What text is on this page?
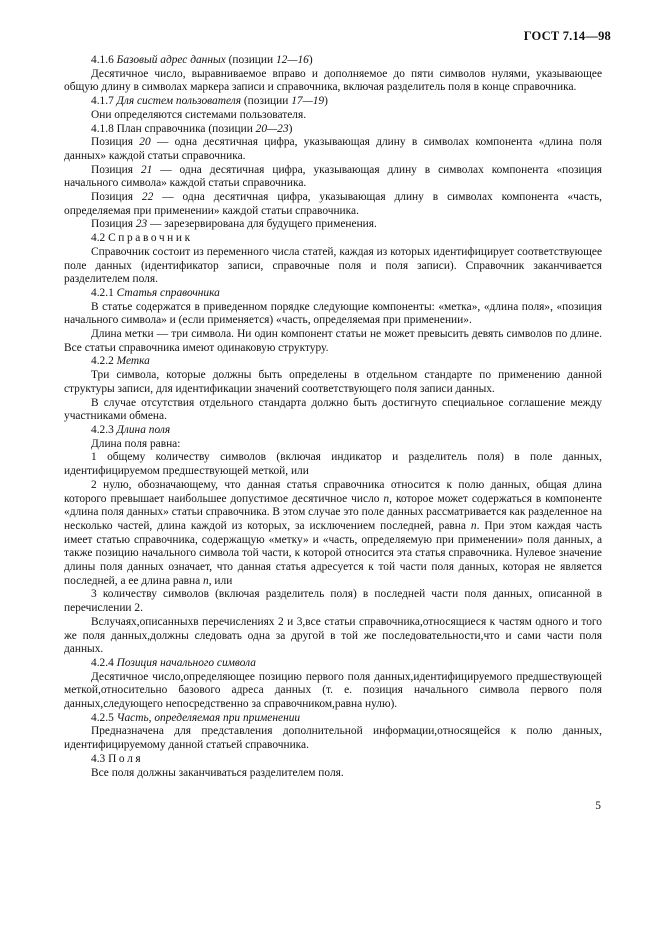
ГОСТ 7.14—98

4.1.6 Базовый адрес данных (позиции 12—16)

Десятичное число, выравниваемое вправо и дополняемое до пяти символов нулями, указывающее общую длину в символах маркера записи и справочника, включая разделитель поля в конце справочника.

4.1.7 Для систем пользователя (позиции 17—19)

Они определяются системами пользователя.

4.1.8 План справочника (позиции 20—23)

Позиция 20 — одна десятичная цифра, указывающая длину в символах компонента «длина поля данных» каждой статьи справочника.

Позиция 21 — одна десятичная цифра, указывающая длину в символах компонента «позиция начального символа» каждой статьи справочника.

Позиция 22 — одна десятичная цифра, указывающая длину в символах компонента «часть, определяемая при применении» каждой статьи справочника.

Позиция 23 — зарезервирована для будущего применения.

4.2 Справочник

Справочник состоит из переменного числа статей, каждая из которых идентифицирует соответствующее поле данных (идентификатор записи, справочные поля и поля записи). Справочник заканчивается разделителем поля.

4.2.1 Статья справочника

В статье содержатся в приведенном порядке следующие компоненты: «метка», «длина поля», «позиция начального символа» и (если применяется) «часть, определяемая при применении».

Длина метки — три символа. Ни один компонент статьи не может превысить девять символов по длине. Все статьи справочника имеют одинаковую структуру.

4.2.2 Метка

Три символа, которые должны быть определены в отдельном стандарте по применению данной структуры записи, для идентификации значений соответствующего поля записи данных.

В случае отсутствия отдельного стандарта должно быть достигнуто специальное соглашение между участниками обмена.

4.2.3 Длина поля

Длина поля равна:

1 общему количеству символов (включая индикатор и разделитель поля) в поле данных, идентифицируемом предшествующей меткой, или

2 нулю, обозначающему, что данная статья справочника относится к полю данных, общая длина которого превышает наибольшее допустимое десятичное число n, которое может содержаться в компоненте «длина поля данных» статьи справочника. В этом случае это поле данных рассматривается как разделенное на несколько частей, длина каждой из которых, за исключением последней, равна n. При этом каждая часть имеет статью справочника, содержащую «метку» и «часть, определяемую при применении» поля данных, а также позицию начального символа той части, к которой относится эта статья справочника. Нулевое значение длины поля данных означает, что данная статья адресуется к той части поля данных, которая не является последней, а ее длина равна n, или

3 количеству символов (включая разделитель поля) в последней части поля данных, описанной в перечислении 2.

Вслучаях,описанныхв перечислениях 2 и 3,все статьи справочника,относящиеся к частям одного и того же поля данных,должны следовать одна за другой в той же последовательности,что и сами части поля данных.

4.2.4 Позиция начального символа

Десятичное число,определяющее позицию первого поля данных,идентифицируемого предшествующей меткой,относительно базового адреса данных (т. е. позиция начального символа первого поля данных,следующего непосредственно за справочником,равна нулю).

4.2.5 Часть, определяемая при применении

Предназначена для представления дополнительной информации,относящейся к полю данных, идентифицируемому данной статьей справочника.

4.3 Поля

Все поля должны заканчиваться разделителем поля.

5
